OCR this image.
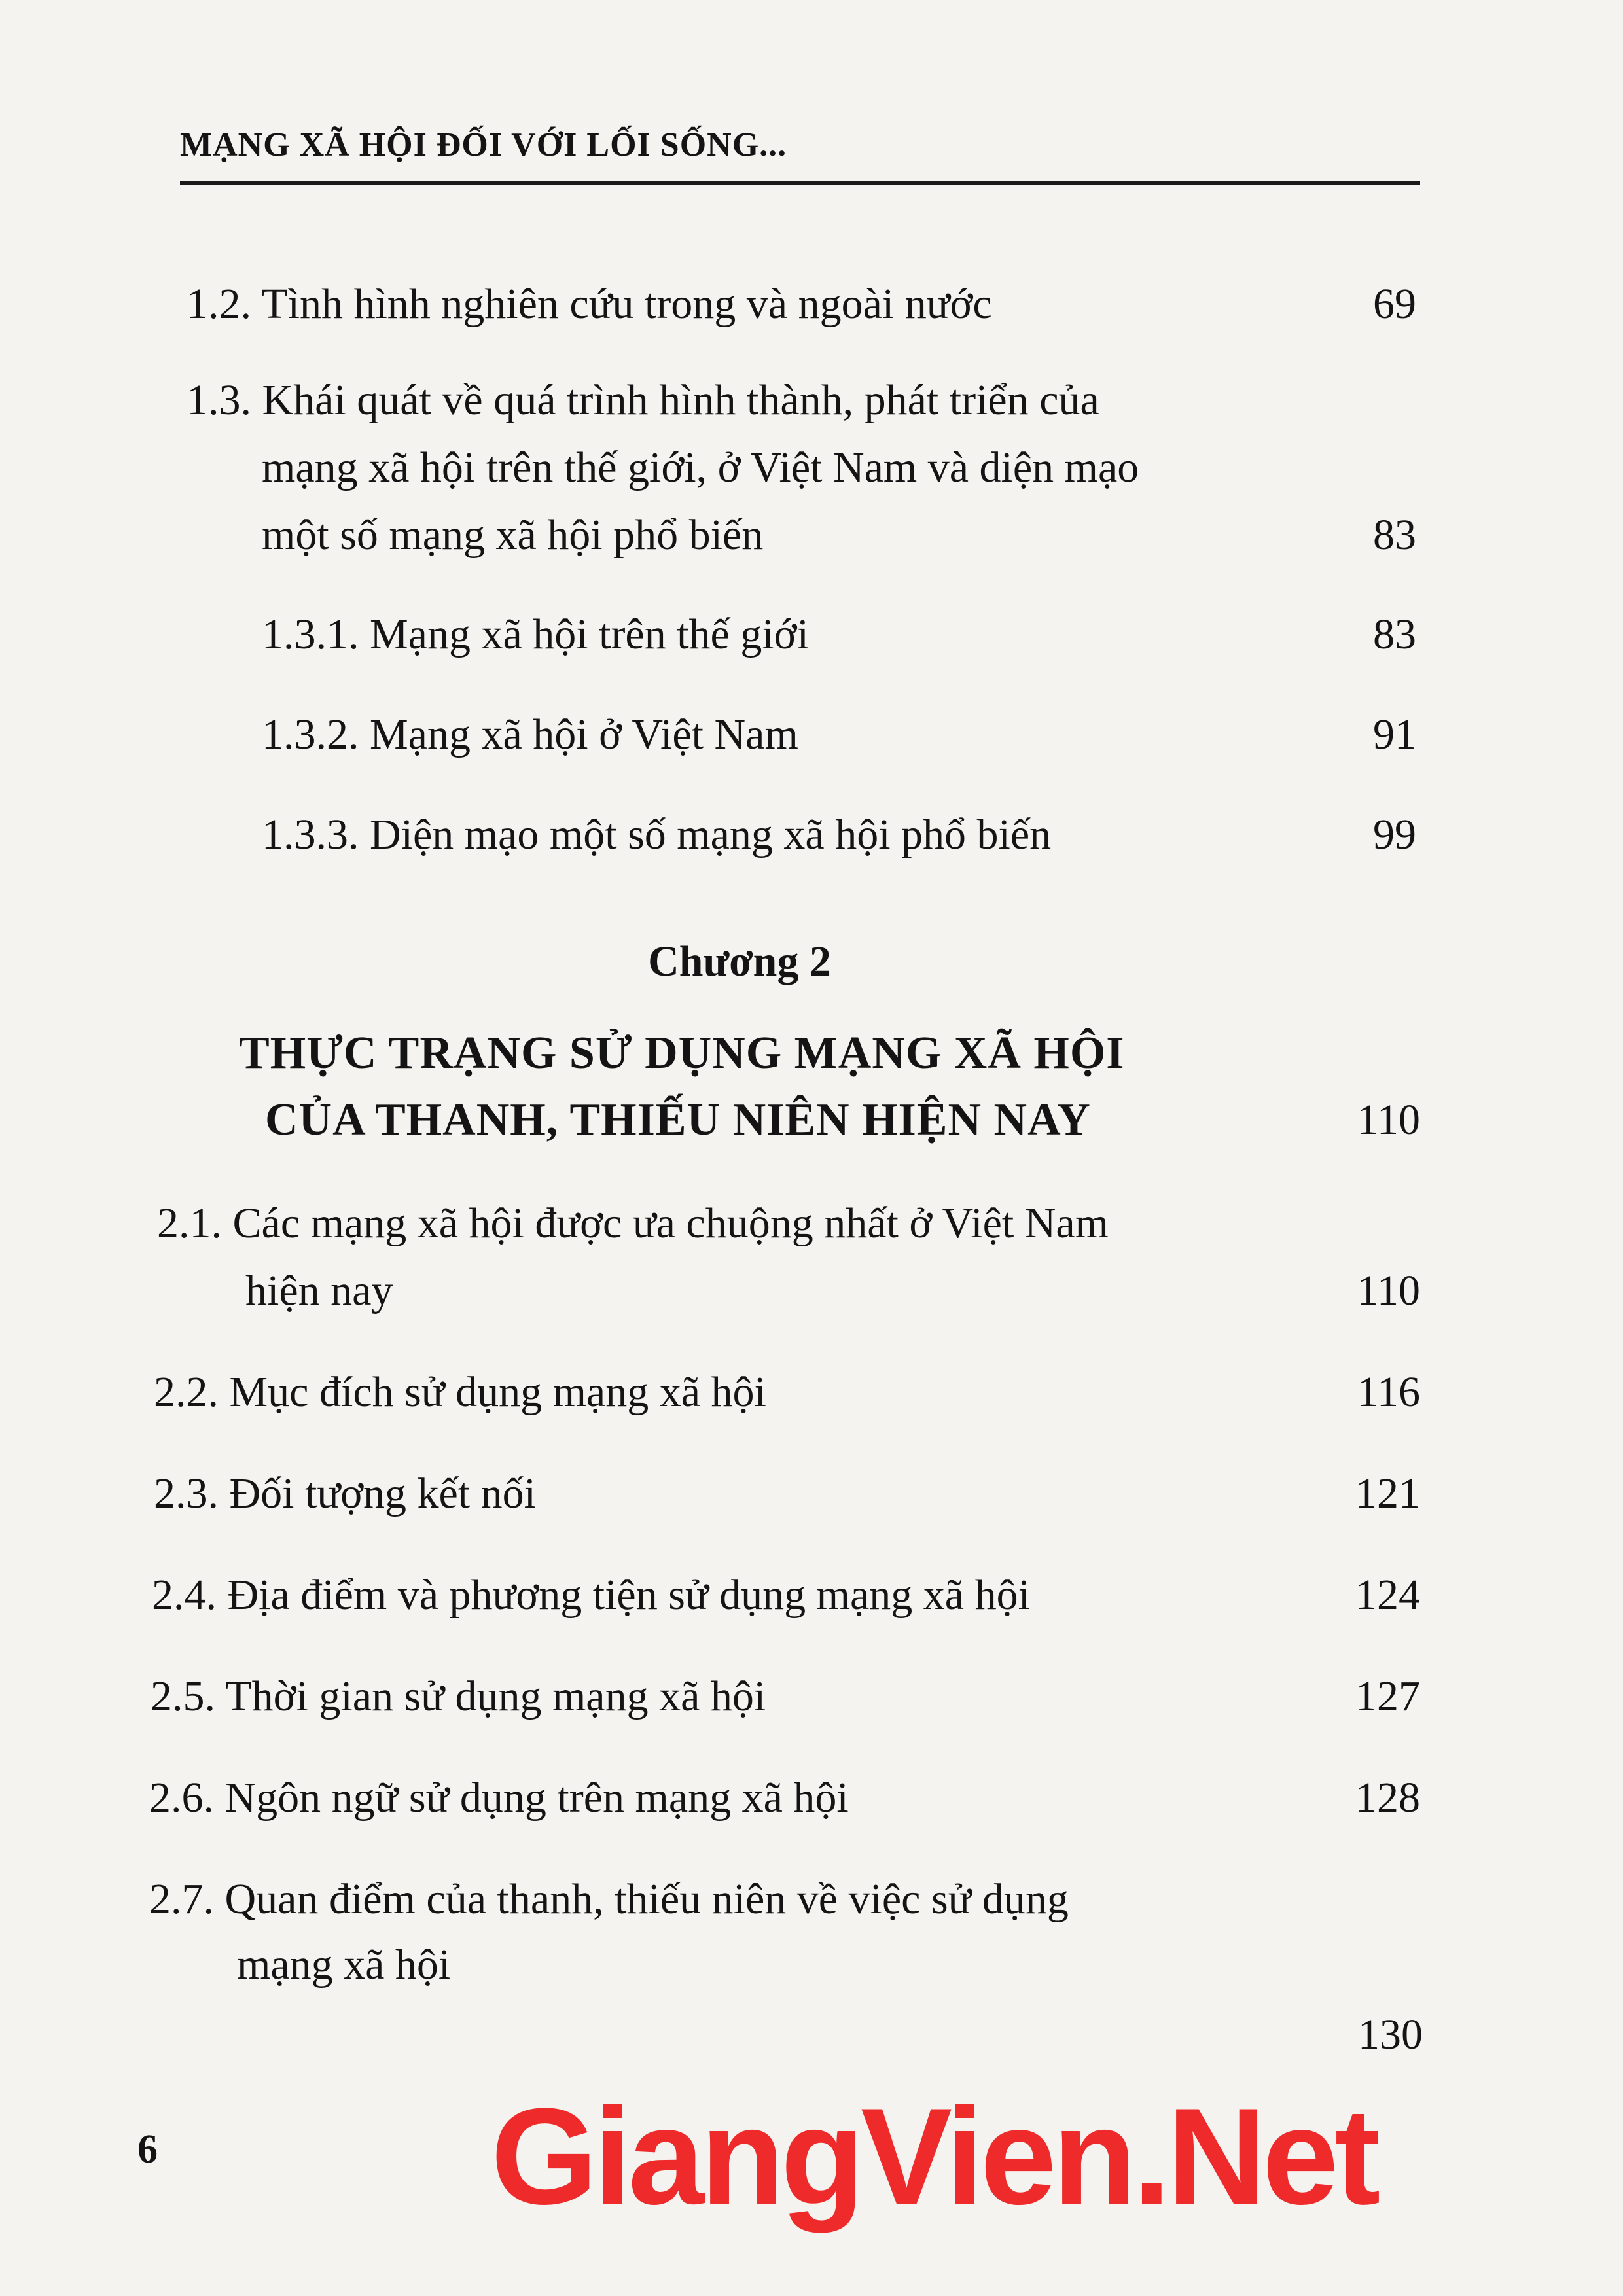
MẠNG XÃ HỘI ĐỐI VỚI LỐI SỐNG...
1.2. Tình hình nghiên cứu trong và ngoài nước	69
1.3. Khái quát về quá trình hình thành, phát triển của
mạng xã hội trên thế giới, ở Việt Nam và diện mạo
một số mạng xã hội phổ biến	83
1.3.1. Mạng xã hội trên thế giới	83
1.3.2. Mạng xã hội ở Việt Nam	91
1.3.3. Diện mạo một số mạng xã hội phổ biến	99
Chương 2
THỰC TRẠNG SỬ DỤNG MẠNG XÃ HỘI
CỦA THANH, THIẾU NIÊN HIỆN NAY	110
2.1. Các mạng xã hội được ưa chuộng nhất ở Việt Nam
hiện nay	110
2.2. Mục đích sử dụng mạng xã hội	116
2.3. Đối tượng kết nối	121
2.4. Địa điểm và phương tiện sử dụng mạng xã hội	124
2.5. Thời gian sử dụng mạng xã hội	127
2.6. Ngôn ngữ sử dụng trên mạng xã hội	128
2.7. Quan điểm của thanh, thiếu niên về việc sử dụng
mạng xã hội
130
6 GiangVien.Net
